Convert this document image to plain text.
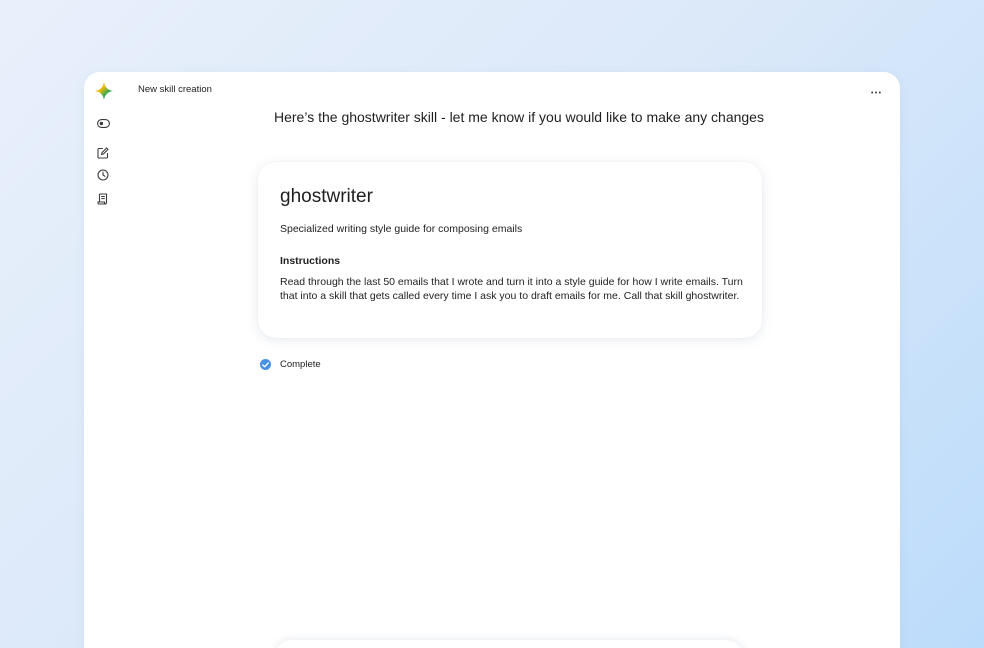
New skill creation
Here’s the ghostwriter skill - let me know if you would like to make any changes
ghostwriter
Specialized writing style guide for composing emails
Instructions
Read through the last 50 emails that I wrote and turn it into a style guide for how I write emails. Turn that into a skill that gets called every time I ask you to draft emails for me. Call that skill ghostwriter.
Complete
